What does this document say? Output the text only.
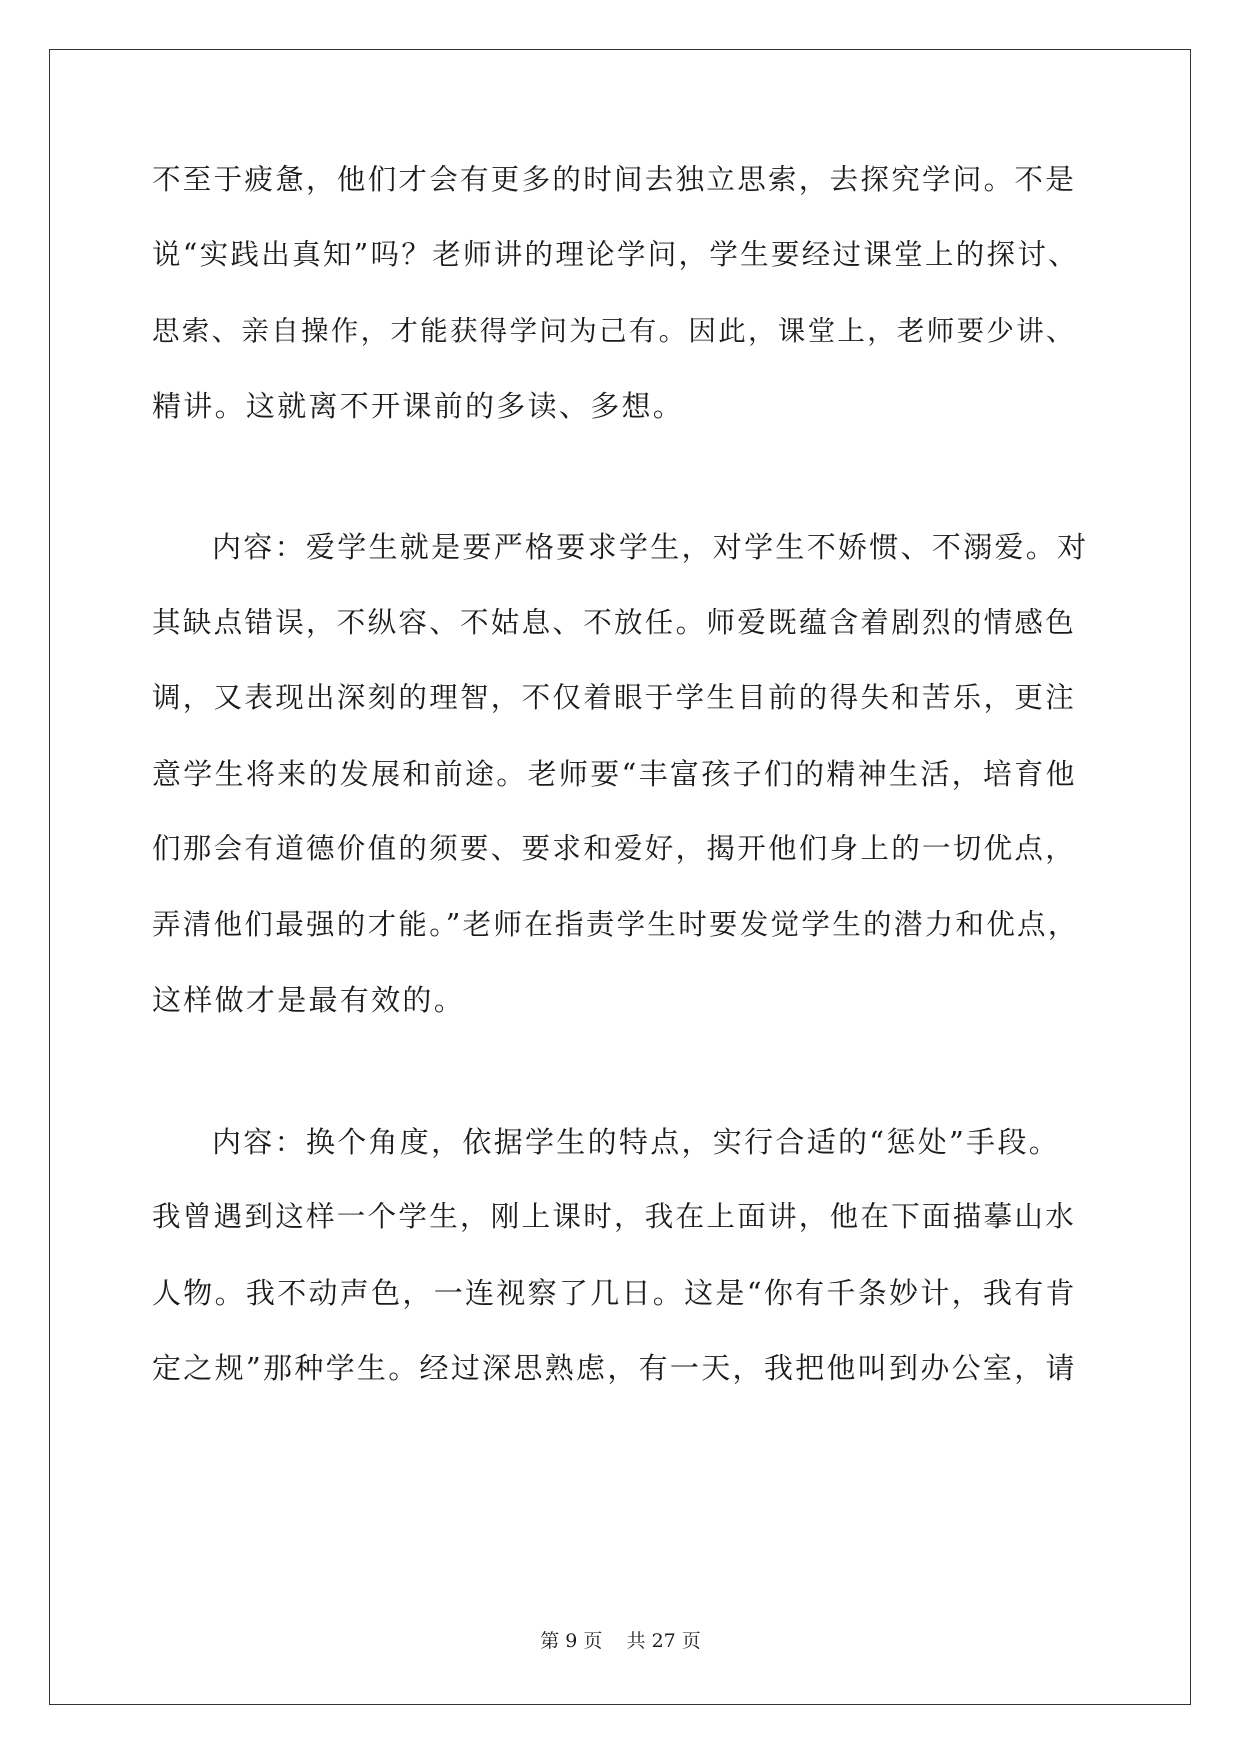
不至于疲惫，他们才会有更多的时间去独立思索，去探究学问。不是
说“实践出真知”吗？老师讲的理论学问，学生要经过课堂上的探讨、
思索、亲自操作，才能获得学问为己有。因此，课堂上，老师要少讲、
精讲。这就离不开课前的多读、多想。
内容：爱学生就是要严格要求学生，对学生不娇惯、不溺爱。对
其缺点错误，不纵容、不姑息、不放任。师爱既蕴含着剧烈的情感色
调，又表现出深刻的理智，不仅着眼于学生目前的得失和苦乐，更注
意学生将来的发展和前途。老师要“丰富孩子们的精神生活，培育他
们那会有道德价值的须要、要求和爱好，揭开他们身上的一切优点，
弄清他们最强的才能。”老师在指责学生时要发觉学生的潜力和优点，
这样做才是最有效的。
内容：换个角度，依据学生的特点，实行合适的“惩处”手段。
我曾遇到这样一个学生，刚上课时，我在上面讲，他在下面描摹山水
人物。我不动声色，一连视察了几日。这是“你有千条妙计，我有肯
定之规”那种学生。经过深思熟虑，有一天，我把他叫到办公室，请
第 9 页    共 27 页
